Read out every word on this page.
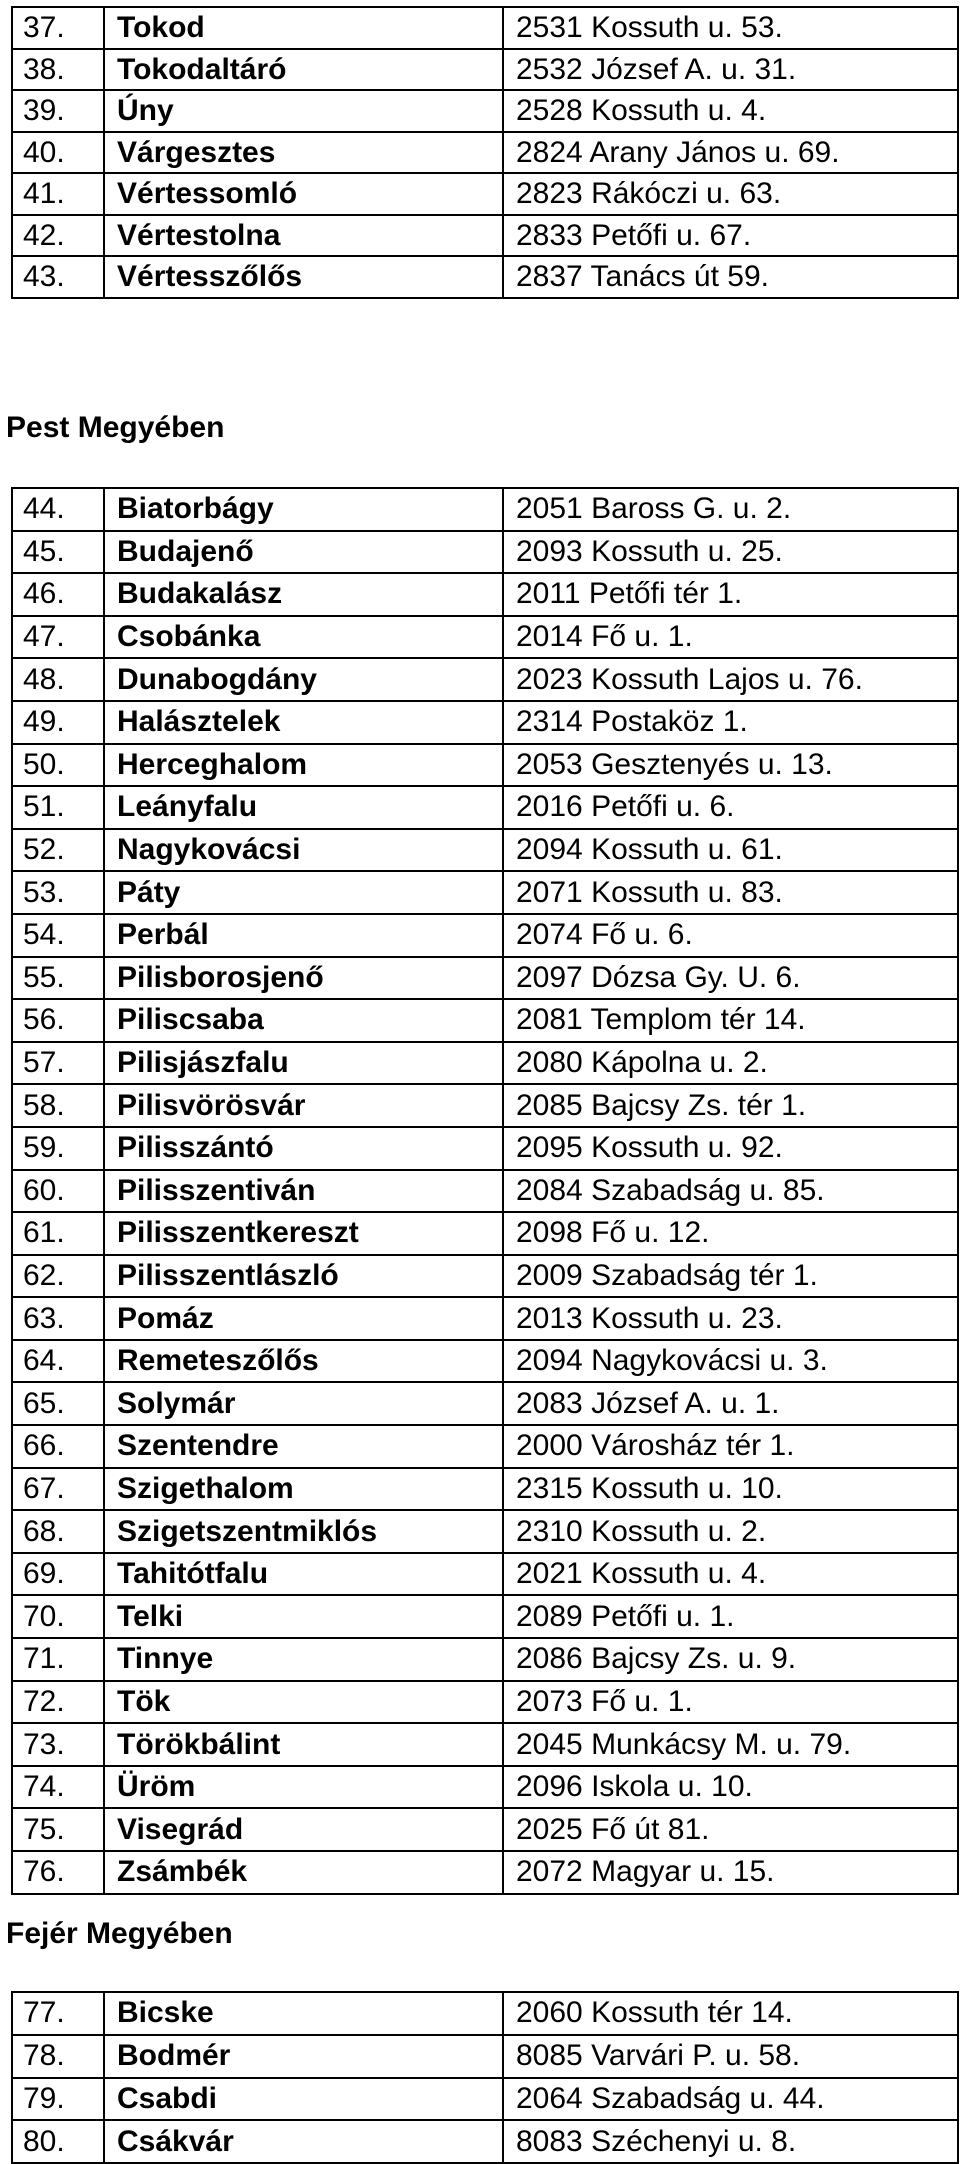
37.	Tokod	2531 Kossuth u. 53.
38.	Tokodaltáró	2532 József A. u. 31.
39.	Úny	2528 Kossuth u. 4.
40.	Várgesztes	2824 Arany János u. 69.
41.	Vértessomló	2823 Rákóczi u. 63.
42.	Vértestolna	2833 Petőfi u. 67.
43.	Vértesszőlős	2837 Tanács út 59.
Pest Megyében
44.	Biatorbágy	2051 Baross G. u. 2.
45.	Budajenő	2093 Kossuth u. 25.
46.	Budakalász	2011 Petőfi tér 1.
47.	Csobánka	2014 Fő u. 1.
48.	Dunabogdány	2023 Kossuth Lajos u. 76.
49.	Halásztelek	2314 Postaköz 1.
50.	Herceghalom	2053 Gesztenyés u. 13.
51.	Leányfalu	2016 Petőfi u. 6.
52.	Nagykovácsi	2094 Kossuth u. 61.
53.	Páty	2071 Kossuth u. 83.
54.	Perbál	2074 Fő u. 6.
55.	Pilisborosjenő	2097 Dózsa Gy. U. 6.
56.	Piliscsaba	2081 Templom tér 14.
57.	Pilisjászfalu	2080 Kápolna u. 2.
58.	Pilisvörösvár	2085 Bajcsy Zs. tér 1.
59.	Pilisszántó	2095 Kossuth u. 92.
60.	Pilisszentiván	2084 Szabadság u. 85.
61.	Pilisszentkereszt	2098 Fő u. 12.
62.	Pilisszentlászló	2009 Szabadság tér 1.
63.	Pomáz	2013 Kossuth u. 23.
64.	Remeteszőlős	2094 Nagykovácsi u. 3.
65.	Solymár	2083 József A. u. 1.
66.	Szentendre	2000 Városház tér 1.
67.	Szigethalom	2315 Kossuth u. 10.
68.	Szigetszentmiklós	2310 Kossuth u. 2.
69.	Tahitótfalu	2021 Kossuth u. 4.
70.	Telki	2089 Petőfi u. 1.
71.	Tinnye	2086 Bajcsy Zs. u. 9.
72.	Tök	2073 Fő u. 1.
73.	Törökbálint	2045 Munkácsy M. u. 79.
74.	Üröm	2096 Iskola u. 10.
75.	Visegrád	2025 Fő út 81.
76.	Zsámbék	2072 Magyar u. 15.
Fejér Megyében
77.	Bicske	2060 Kossuth tér 14.
78.	Bodmér	8085 Varvári P. u. 58.
79.	Csabdi	2064 Szabadság u. 44.
80.	Csákvár	8083 Széchenyi u. 8.
